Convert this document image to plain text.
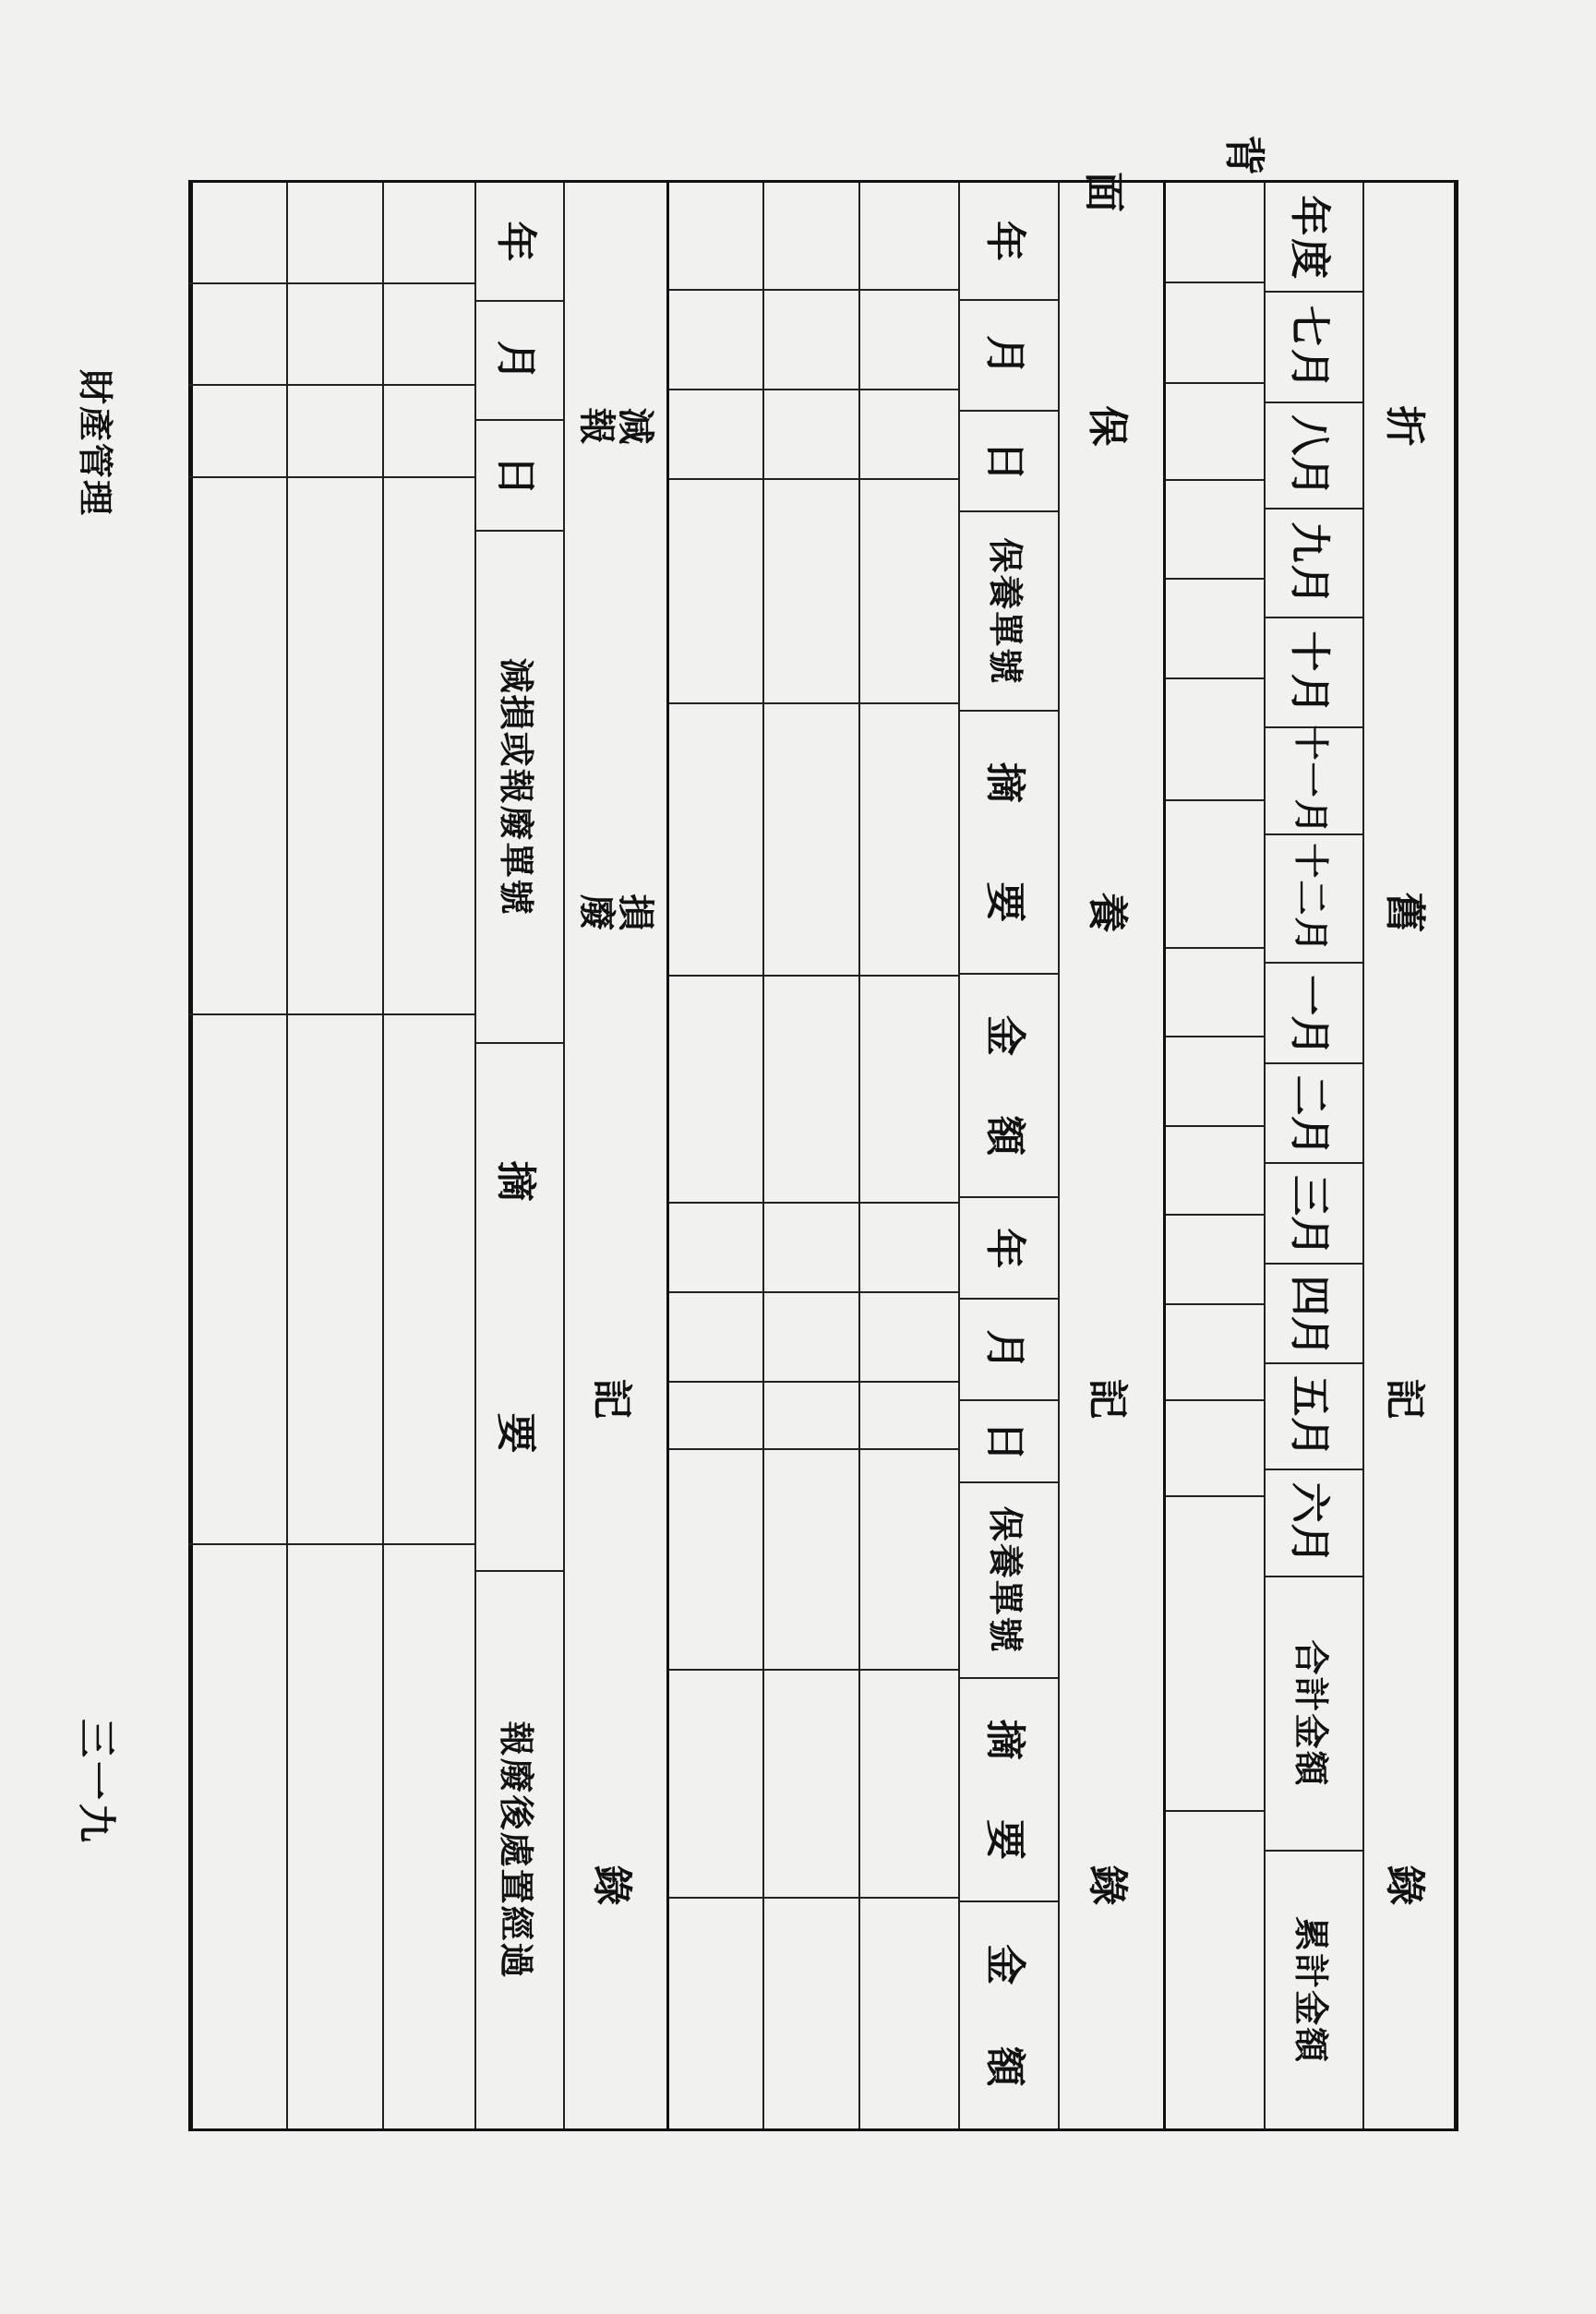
背
面
折
舊
記
錄
年
度
七
月
八
月
九
月
十
月
十一月
十二月
一
月
二
月
三
月
四
月
五
月
六
月
合計金額
累計金額
保
養
記
錄
年
月
日
保養單號
摘
要
金
額
年
月
日
保養單號
摘
要
金
額
減
報
損
廢
記
錄
年
月
日
減損或報廢單號
摘
要
報廢後處置經過
財產管理
三一九
